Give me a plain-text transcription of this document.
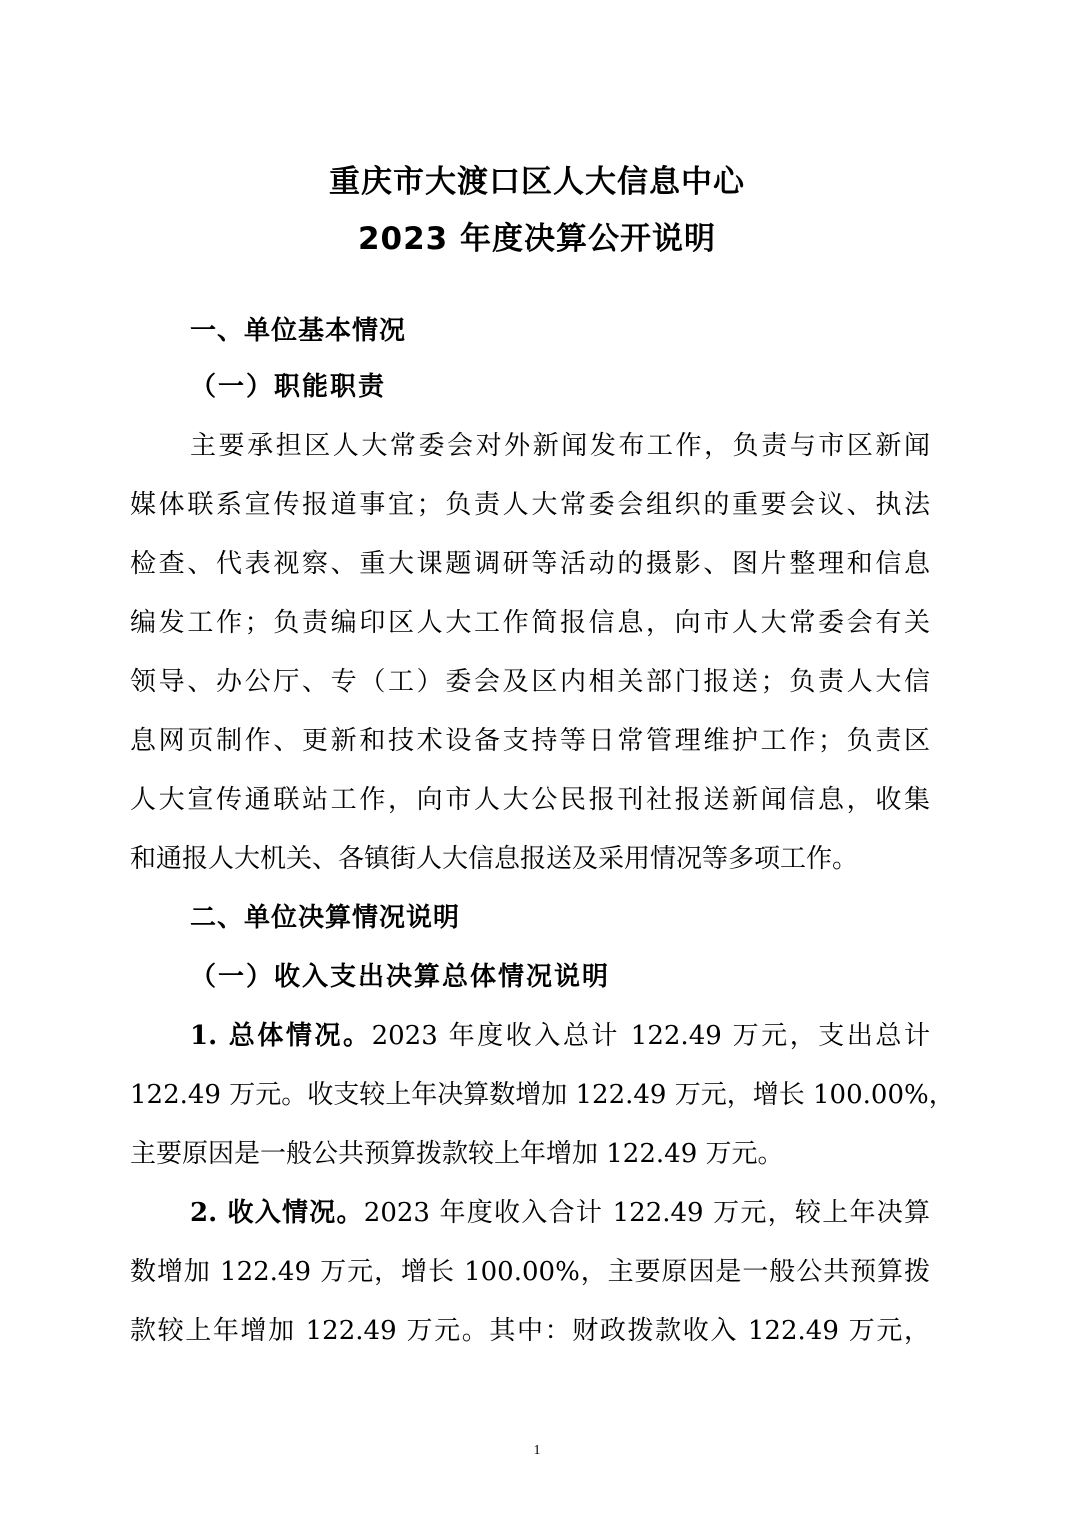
重庆市大渡口区人大信息中心
2023 年度决算公开说明
一、单位基本情况
（一）职能职责
主要承担区人大常委会对外新闻发布工作，负责与市区新闻
媒体联系宣传报道事宜；负责人大常委会组织的重要会议、执法
检查、代表视察、重大课题调研等活动的摄影、图片整理和信息
编发工作；负责编印区人大工作简报信息，向市人大常委会有关
领导、办公厅、专（工）委会及区内相关部门报送；负责人大信
息网页制作、更新和技术设备支持等日常管理维护工作；负责区
人大宣传通联站工作，向市人大公民报刊社报送新闻信息，收集
和通报人大机关、各镇街人大信息报送及采用情况等多项工作。
二、单位决算情况说明
（一）收入支出决算总体情况说明
1. 总体情况。2023 年度收入总计 122.49 万元，支出总计
122.49 万元。收支较上年决算数增加 122.49 万元，增长 100.00%，
主要原因是一般公共预算拨款较上年增加 122.49 万元。
2. 收入情况。2023 年度收入合计 122.49 万元，较上年决算
数增加 122.49 万元，增长 100.00%，主要原因是一般公共预算拨
款较上年增加 122.49 万元。其中：财政拨款收入 122.49 万元，
1
